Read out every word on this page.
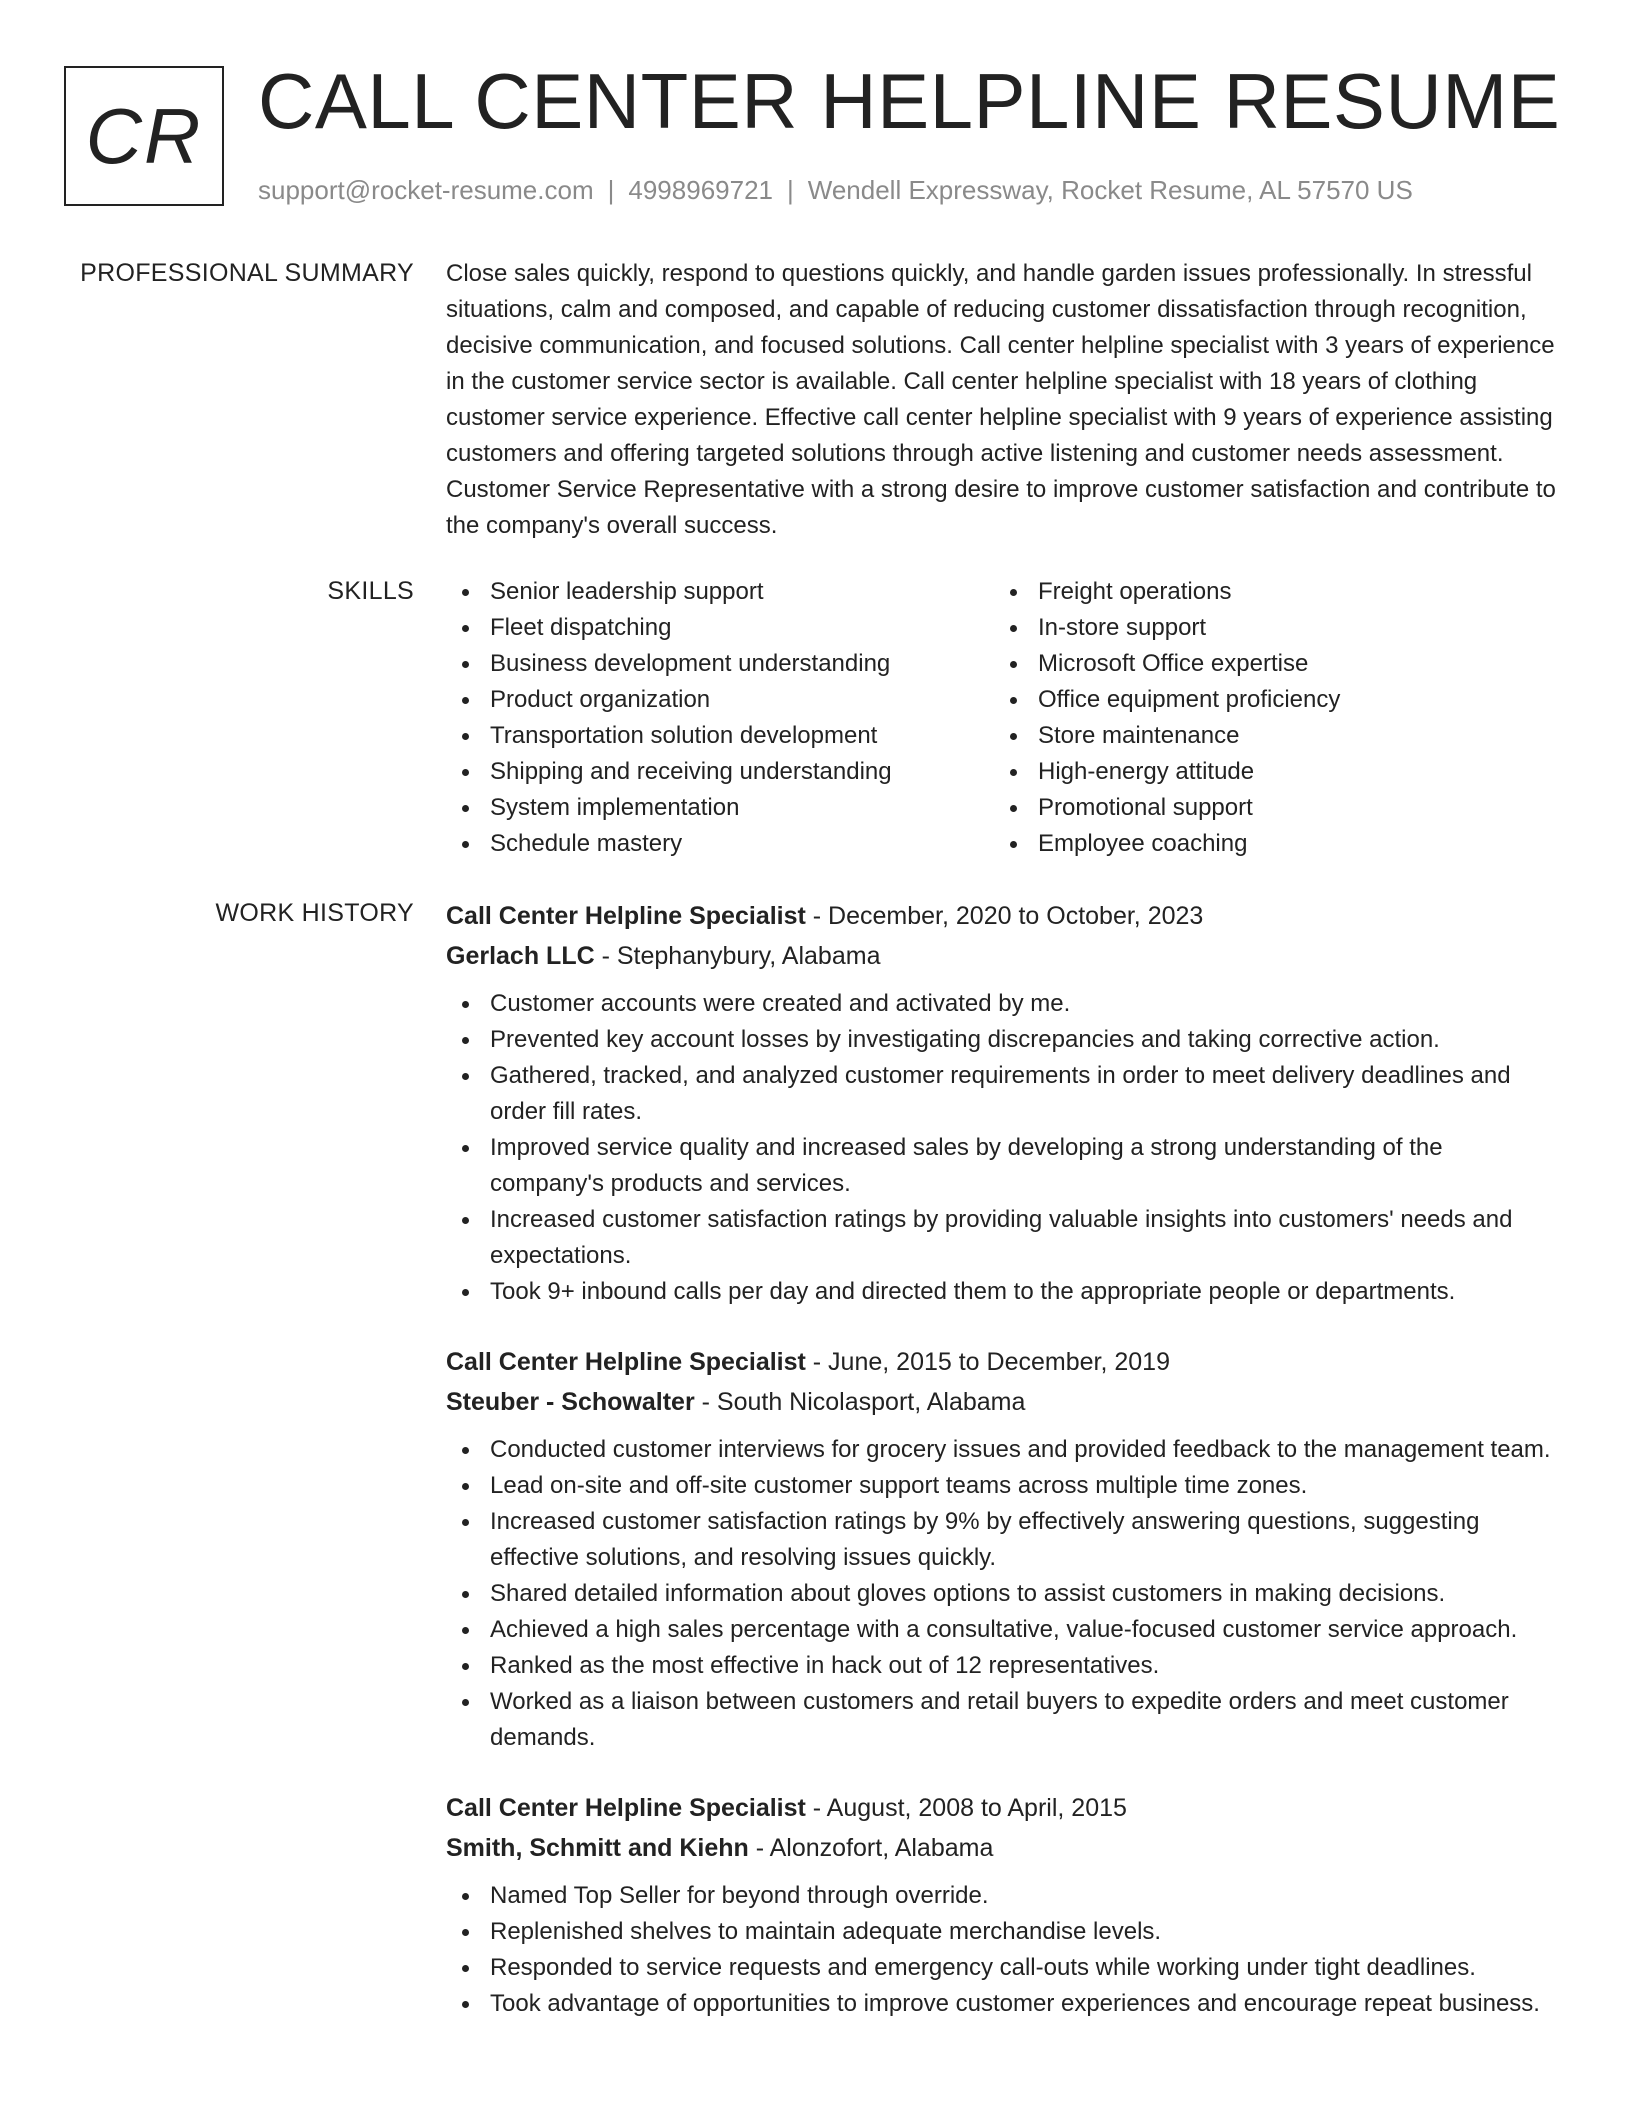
CR CALL CENTER HELPLINE RESUME
support@rocket-resume.com | 4998969721 | Wendell Expressway, Rocket Resume, AL 57570 US
PROFESSIONAL SUMMARY Close sales quickly, respond to questions quickly, and handle garden issues professionally. In stressful situations, calm and composed, and capable of reducing customer dissatisfaction through recognition, decisive communication, and focused solutions. Call center helpline specialist with 3 years of experience in the customer service sector is available. Call center helpline specialist with 18 years of clothing customer service experience. Effective call center helpline specialist with 9 years of experience assisting customers and offering targeted solutions through active listening and customer needs assessment. Customer Service Representative with a strong desire to improve customer satisfaction and contribute to the company's overall success.

SKILLS	Senior leadership support
Fleet dispatching
Business development understanding
Product organization
Transportation solution development
Shipping and receiving understanding
System implementation
Schedule mastery
Freight operations
In-store support
Microsoft Office expertise
Office equipment proficiency
Store maintenance
High-energy attitude
Promotional support
Employee coaching
WORK HISTORY Call Center Helpline Specialist - December, 2020 to October, 2023
Gerlach LLC - Stephanybury, Alabama
Customer accounts were created and activated by me.
Prevented key account losses by investigating discrepancies and taking corrective action.
Gathered, tracked, and analyzed customer requirements in order to meet delivery deadlines and order fill rates.
Improved service quality and increased sales by developing a strong understanding of the company's products and services.
Increased customer satisfaction ratings by providing valuable insights into customers' needs and expectations.
Took 9+ inbound calls per day and directed them to the appropriate people or departments.
Call Center Helpline Specialist - June, 2015 to December, 2019
Steuber - Schowalter - South Nicolasport, Alabama
Conducted customer interviews for grocery issues and provided feedback to the management team.
Lead on-site and off-site customer support teams across multiple time zones.
Increased customer satisfaction ratings by 9% by effectively answering questions, suggesting effective solutions, and resolving issues quickly.
Shared detailed information about gloves options to assist customers in making decisions.
Achieved a high sales percentage with a consultative, value-focused customer service approach.
Ranked as the most effective in hack out of 12 representatives.
Worked as a liaison between customers and retail buyers to expedite orders and meet customer demands.
Call Center Helpline Specialist - August, 2008 to April, 2015
Smith, Schmitt and Kiehn - Alonzofort, Alabama
Named Top Seller for beyond through override.
Replenished shelves to maintain adequate merchandise levels.
Responded to service requests and emergency call-outs while working under tight deadlines.
Took advantage of opportunities to improve customer experiences and encourage repeat business.
